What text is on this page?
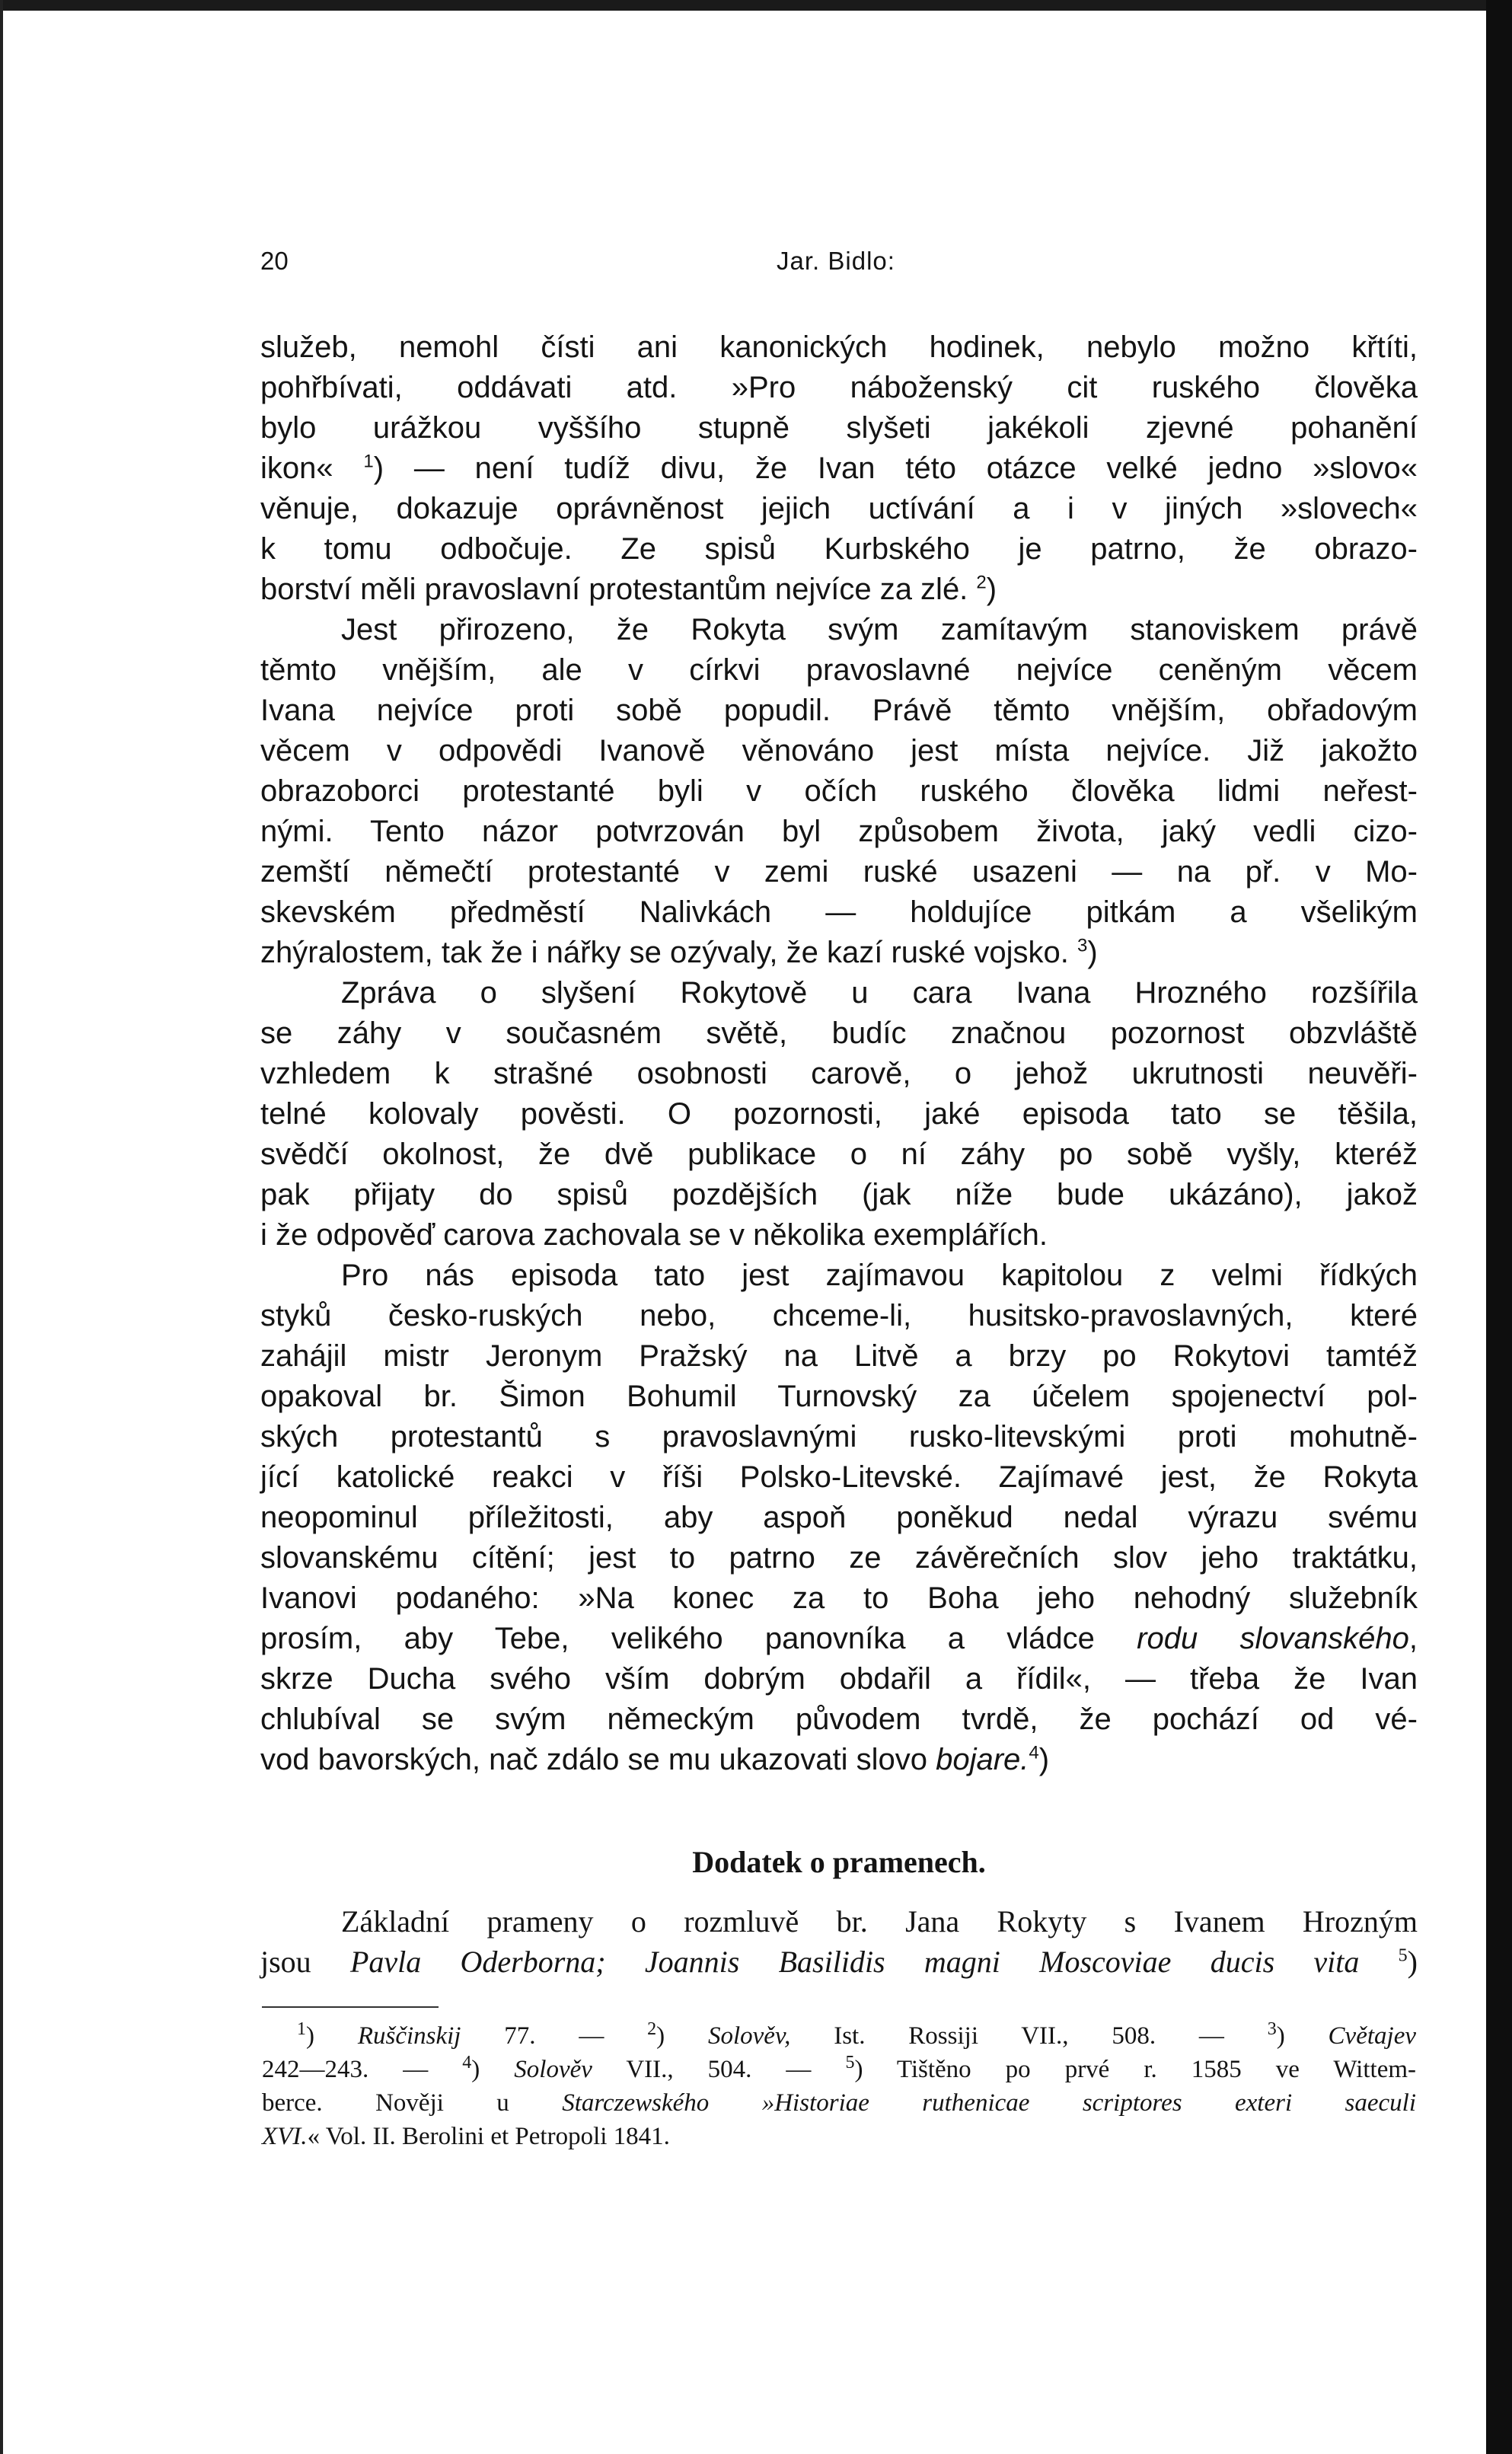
20	Jar. Bidlo:
služeb, nemohl čísti ani kanonických hodinek, nebylo možno křtíti,
pohřbívati, oddávati atd. »Pro náboženský cit ruského člověka
bylo urážkou vyššího stupně slyšeti jakékoli zjevné pohanění
ikon« $^1$) — není tudíž divu, že Ivan této otázce velké jedno »slovo«
věnuje, dokazuje oprávněnost jejich uctívání a i v jiných »slovech«
k tomu odbočuje. Ze spisů Kurbského je patrno, že obrazo-
borství měli pravoslavní protestantům nejvíce za zlé. $^2$)
Jest přirozeno, že Rokyta svým zamítavým stanoviskem právě
těmto vnějším, ale v církvi pravoslavné nejvíce ceněným věcem
Ivana nejvíce proti sobě popudil. Právě těmto vnějším, obřadovým
věcem v odpovědi Ivanově věnováno jest místa nejvíce. Již jakožto
obrazoborci protestanté byli v očích ruského člověka lidmi neřest-
nými. Tento názor potvrzován byl způsobem života, jaký vedli cizo-
zemští němečtí protestanté v zemi ruské usazeni — na př. v Mo-
skevském předměstí Nalivkách — holdujíce pitkám a všelikým
zhýralostem, tak že i nářky se ozývaly, že kazí ruské vojsko. $^3$)
Zpráva o slyšení Rokytově u cara Ivana Hrozného rozšířila
se záhy v současném světě, budíc značnou pozornost obzvláště
vzhledem k strašné osobnosti carově, o jehož ukrutnosti neuvěři-
telné kolovaly pověsti. O pozornosti, jaké episoda tato se těšila,
svědčí okolnost, že dvě publikace o ní záhy po sobě vyšly, kteréž
pak přijaty do spisů pozdějších (jak níže bude ukázáno), jakož
i že odpověď carova zachovala se v několika exemplářích.
Pro nás episoda tato jest zajímavou kapitolou z velmi řídkých
styků česko-ruských nebo, chceme-li, husitsko-pravoslavných, které
zahájil mistr Jeronym Pražský na Litvě a brzy po Rokytovi tamtéž
opakoval br. Šimon Bohumil Turnovský za účelem spojenectví pol-
ských protestantů s pravoslavnými rusko-litevskými proti mohutně-
jící katolické reakci v říši Polsko-Litevské. Zajímavé jest, že Rokyta
neopominul příležitosti, aby aspoň poněkud nedal výrazu svému
slovanskému cítění; jest to patrno ze závěrečních slov jeho traktátku,
Ivanovi podaného: »Na konec za to Boha jeho nehodný služebník
prosím, aby Tebe, velikého panovníka a vládce rodu slovanského,
skrze Ducha svého vším dobrým obdařil a řídil«, — třeba že Ivan
chlubíval se svým německým původem tvrdě, že pochází od vé-
vod bavorských, nač zdálo se mu ukazovati slovo bojare.$^4$)
Dodatek o pramenech.
Základní prameny o rozmluvě br. Jana Rokyty s Ivanem Hrozným
jsou Pavla Oderborna; Joannis Basilidis magni Moscoviae ducis vita $^5$)
$^1$) Ruščinskij 77. — $^2$) Solověv, Ist. Rossiji VII., 508. — $^3$) Cvětajev
242—243. — $^4$) Solověv VII., 504. — $^5$) Tištěno po prvé r. 1585 ve Wittem-
berce. Nověji u Starczewského »Historiae ruthenicae scriptores exteri saeculi
XVI.« Vol. II. Berolini et Petropoli 1841.
